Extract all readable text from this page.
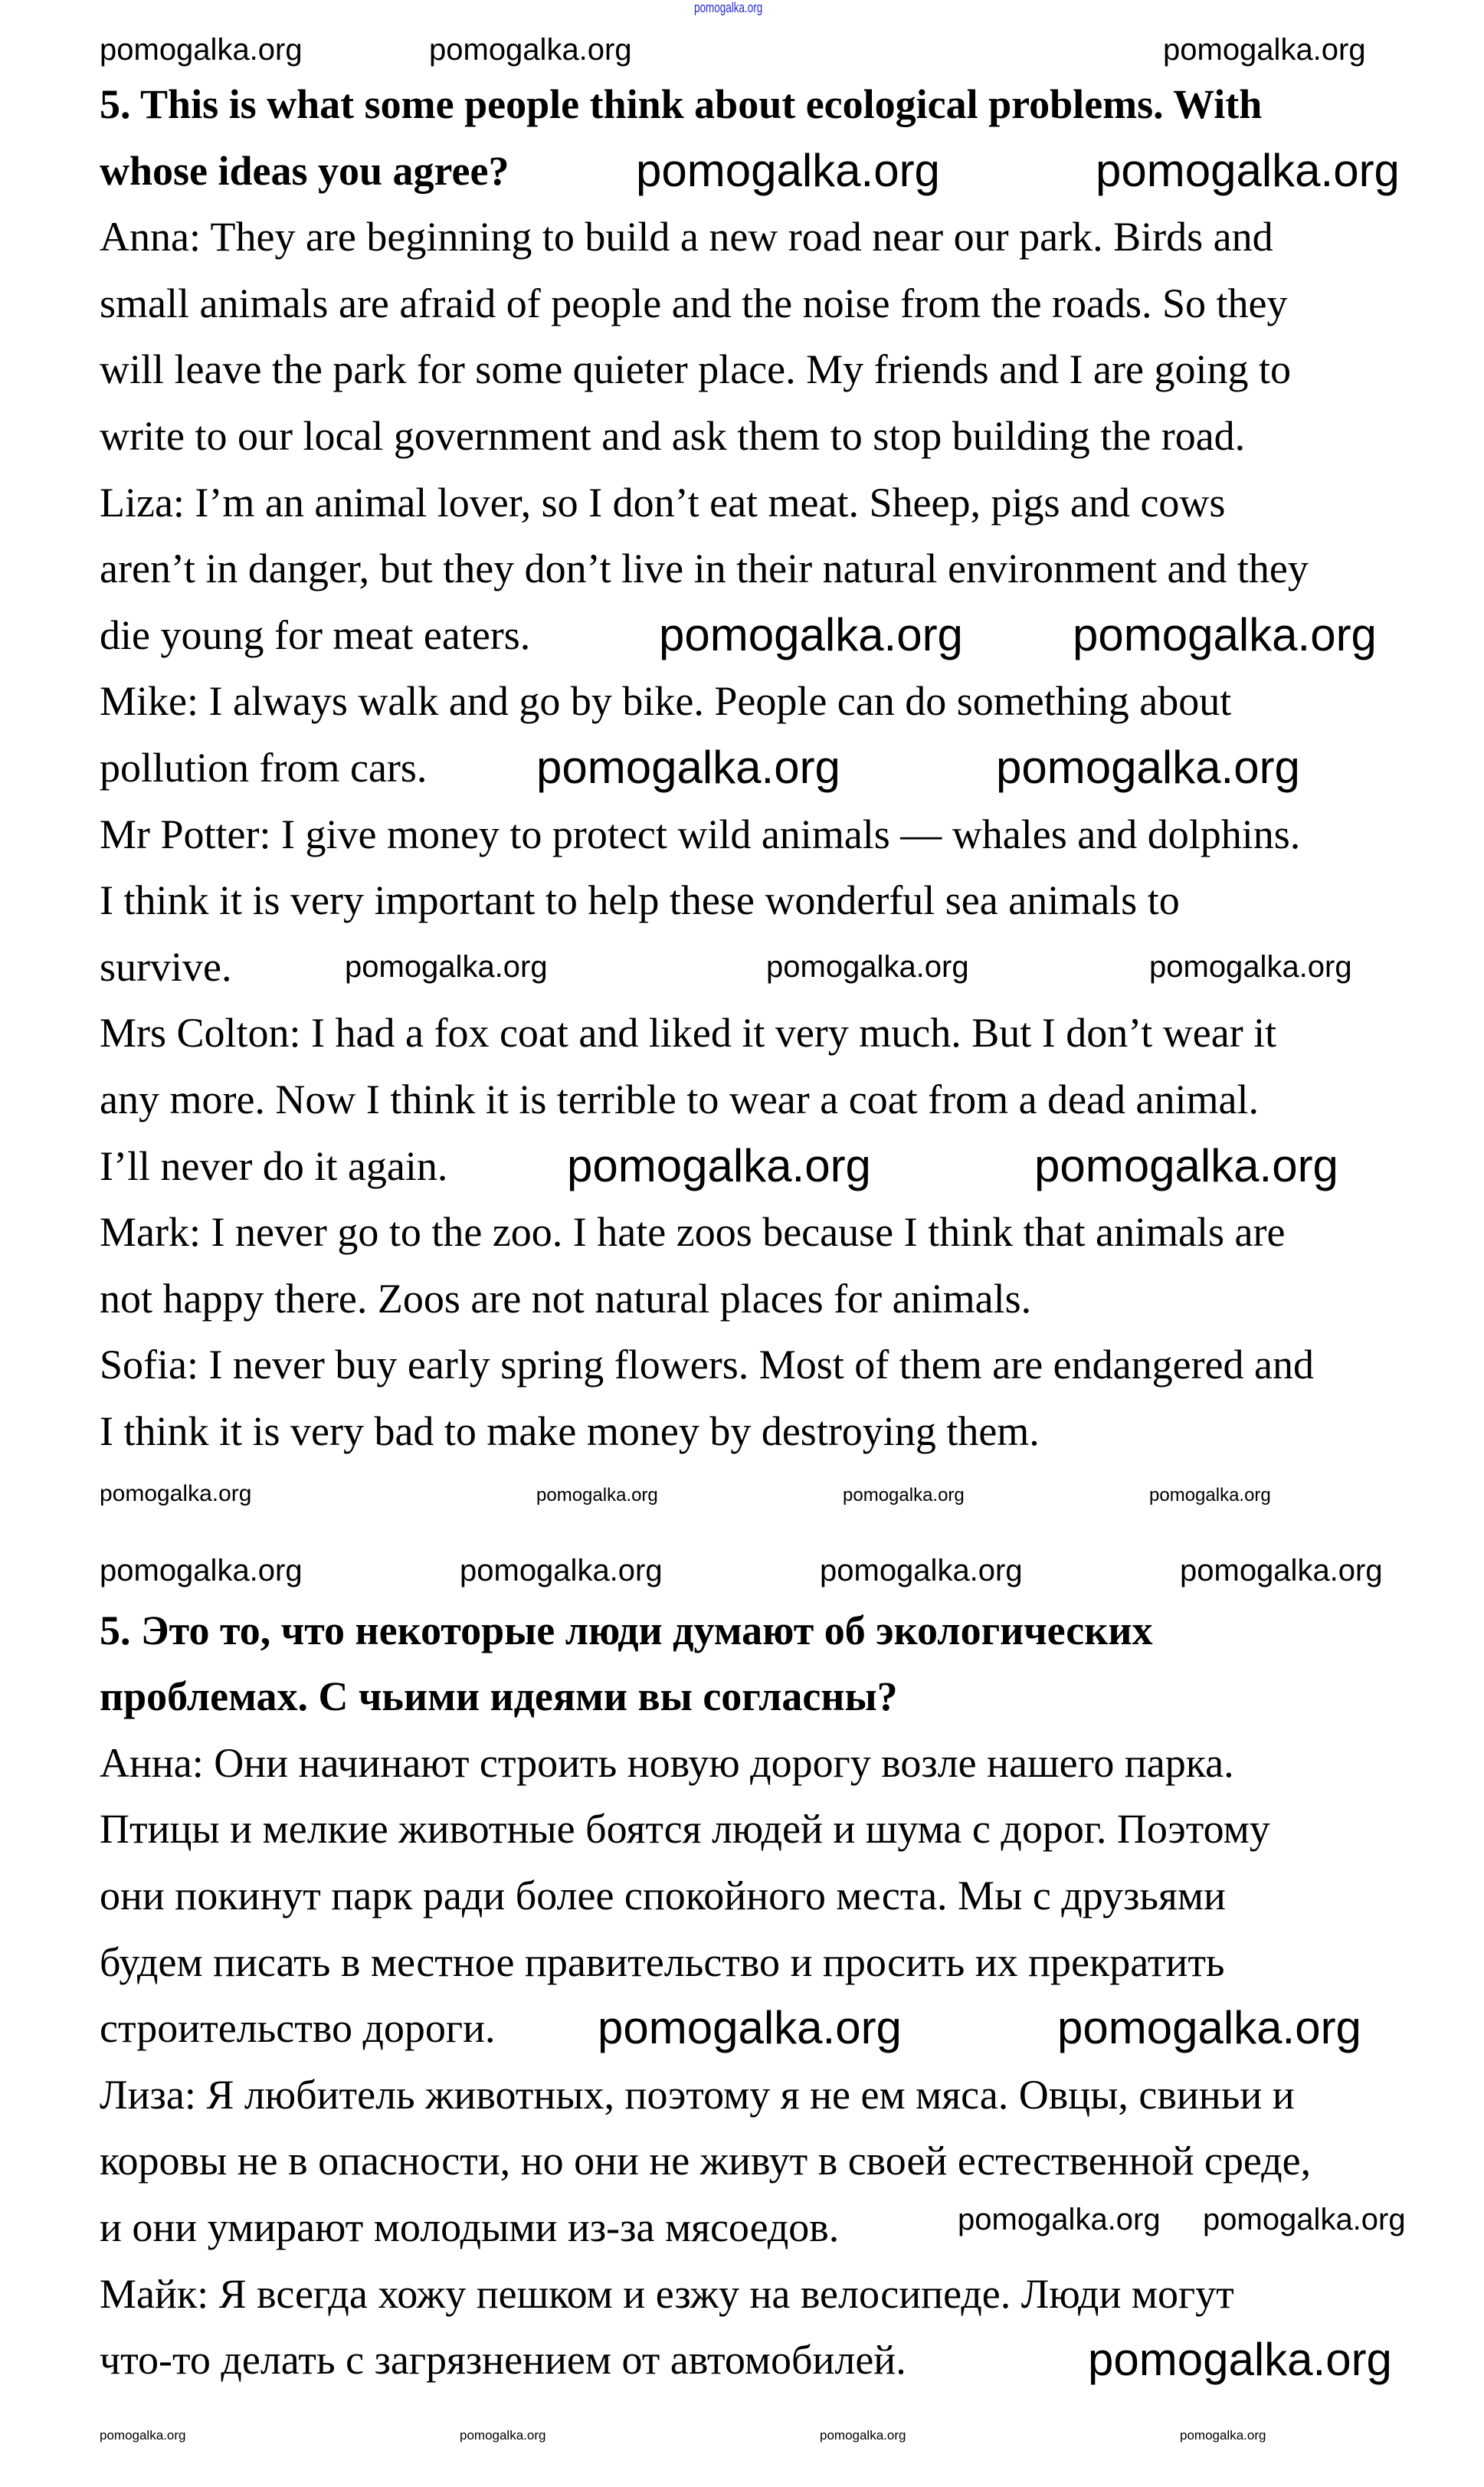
5. This is what some people think about ecological problems. With
whose ideas you agree?
Anna: They are beginning to build a new road near our park. Birds and
small animals are afraid of people and the noise from the roads. So they
will leave the park for some quieter place. My friends and I are going to
write to our local government and ask them to stop building the road.
Liza: I’m an animal lover, so I don’t eat meat. Sheep, pigs and cows
aren’t in danger, but they don’t live in their natural environment and they
die young for meat eaters.
Mike: I always walk and go by bike. People can do something about
pollution from cars.
Mr Potter: I give money to protect wild animals — whales and dolphins.
I think it is very important to help these wonderful sea animals to
survive.
Mrs Colton: I had a fox coat and liked it very much. But I don’t wear it
any more. Now I think it is terrible to wear a coat from a dead animal.
I’ll never do it again.
Mark: I never go to the zoo. I hate zoos because I think that animals are
not happy there. Zoos are not natural places for animals.
Sofia: I never buy early spring flowers. Most of them are endangered and
I think it is very bad to make money by destroying them.
5. Это то, что некоторые люди думают об экологических
проблемах. С чьими идеями вы согласны?
Анна: Они начинают строить новую дорогу возле нашего парка.
Птицы и мелкие животные боятся людей и шума с дорог. Поэтому
они покинут парк ради более спокойного места. Мы с друзьями
будем писать в местное правительство и просить их прекратить
строительство дороги.
Лиза: Я любитель животных, поэтому я не ем мяса. Овцы, свиньи и
коровы не в опасности, но они не живут в своей естественной среде,
и они умирают молодыми из-за мясоедов.
Майк: Я всегда хожу пешком и езжу на велосипеде. Люди могут
что-то делать с загрязнением от автомобилей.
pomogalka.org
pomogalka.org	pomogalka.org	pomogalka.org
pomogalka.org	pomogalka.org
pomogalka.org pomogalka.org
pomogalka.org	pomogalka.org
pomogalka.org	pomogalka.org	pomogalka.org
pomogalka.org	pomogalka.org
pomogalka.org	pomogalka.org	pomogalka.org	pomogalka.org
pomogalka.org	pomogalka.org	pomogalka.org	pomogalka.org
pomogalka.org	pomogalka.org
pomogalka.org pomogalka.org
pomogalka.org
pomogalka.org	pomogalka.org	pomogalka.org	pomogalka.org
